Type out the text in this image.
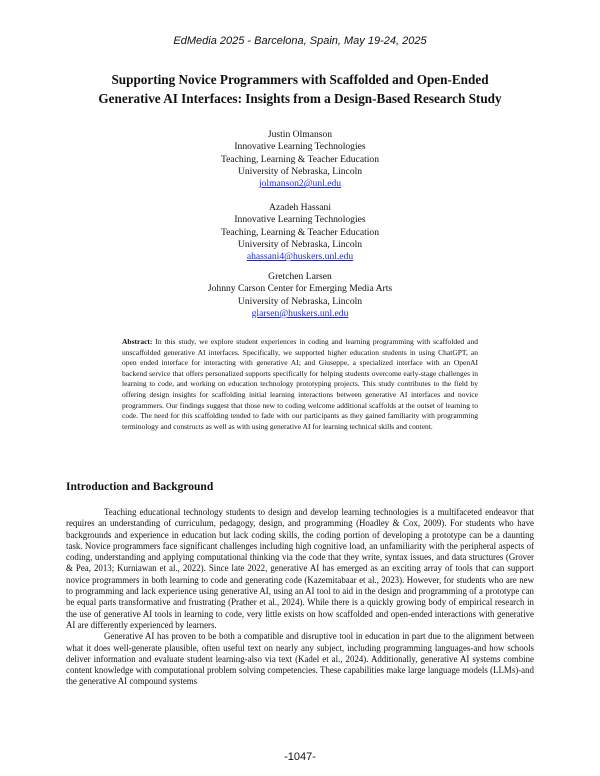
EdMedia 2025 - Barcelona, Spain, May 19-24, 2025
Supporting Novice Programmers with Scaffolded and Open-Ended
Generative AI Interfaces: Insights from a Design-Based Research Study
Justin Olmanson
Innovative Learning Technologies
Teaching, Learning & Teacher Education
University of Nebraska, Lincoln
jolmanson2@unl.edu
Azadeh Hassani
Innovative Learning Technologies
Teaching, Learning & Teacher Education
University of Nebraska, Lincoln
ahassani4@huskers.unl.edu
Gretchen Larsen
Johnny Carson Center for Emerging Media Arts
University of Nebraska, Lincoln
glarsen@huskers.unl.edu
Abstract: In this study, we explore student experiences in coding and learning programming with scaffolded and unscaffolded generative AI interfaces. Specifically, we supported higher education students in using ChatGPT, an open ended interface for interacting with generative AI; and Giuseppe, a specialized interface with an OpenAI backend service that offers personalized supports specifically for helping students overcome early-stage challenges in learning to code, and working on education technology prototyping projects. This study contributes to the field by offering design insights for scaffolding initial learning interactions between generative AI interfaces and novice programmers. Our findings suggest that those new to coding welcome additional scaffolds at the outset of learning to code. The need for this scaffolding tended to fade with our participants as they gained familiarity with programming terminology and constructs as well as with using generative AI for learning technical skills and content.
Introduction and Background

Teaching educational technology students to design and develop learning technologies is a multifaceted endeavor that requires an understanding of curriculum, pedagogy, design, and programming (Hoadley & Cox, 2009). For students who have backgrounds and experience in education but lack coding skills, the coding portion of developing a prototype can be a daunting task. Novice programmers face significant challenges including high cognitive load, an unfamiliarity with the peripheral aspects of coding, understanding and applying computational thinking via the code that they write, syntax issues, and data structures (Grover & Pea, 2013; Kurniawan et al., 2022). Since late 2022, generative AI has emerged as an exciting array of tools that can support novice programmers in both learning to code and generating code (Kazemitabaar et al., 2023). However, for students who are new to programming and lack experience using generative AI, using an AI tool to aid in the design and programming of a prototype can be equal parts transformative and frustrating (Prather et al., 2024). While there is a quickly growing body of empirical research in the use of generative AI tools in learning to code, very little exists on how scaffolded and open-ended interactions with generative AI are differently experienced by learners.

Generative AI has proven to be both a compatible and disruptive tool in education in part due to the alignment between what it does well-generate plausible, often useful text on nearly any subject, including programming languages-and how schools deliver information and evaluate student learning-also via text (Kadel et al., 2024). Additionally, generative AI systems combine content knowledge with computational problem solving competencies. These capabilities make large language models (LLMs)-and the generative AI compound systems

-1047-
